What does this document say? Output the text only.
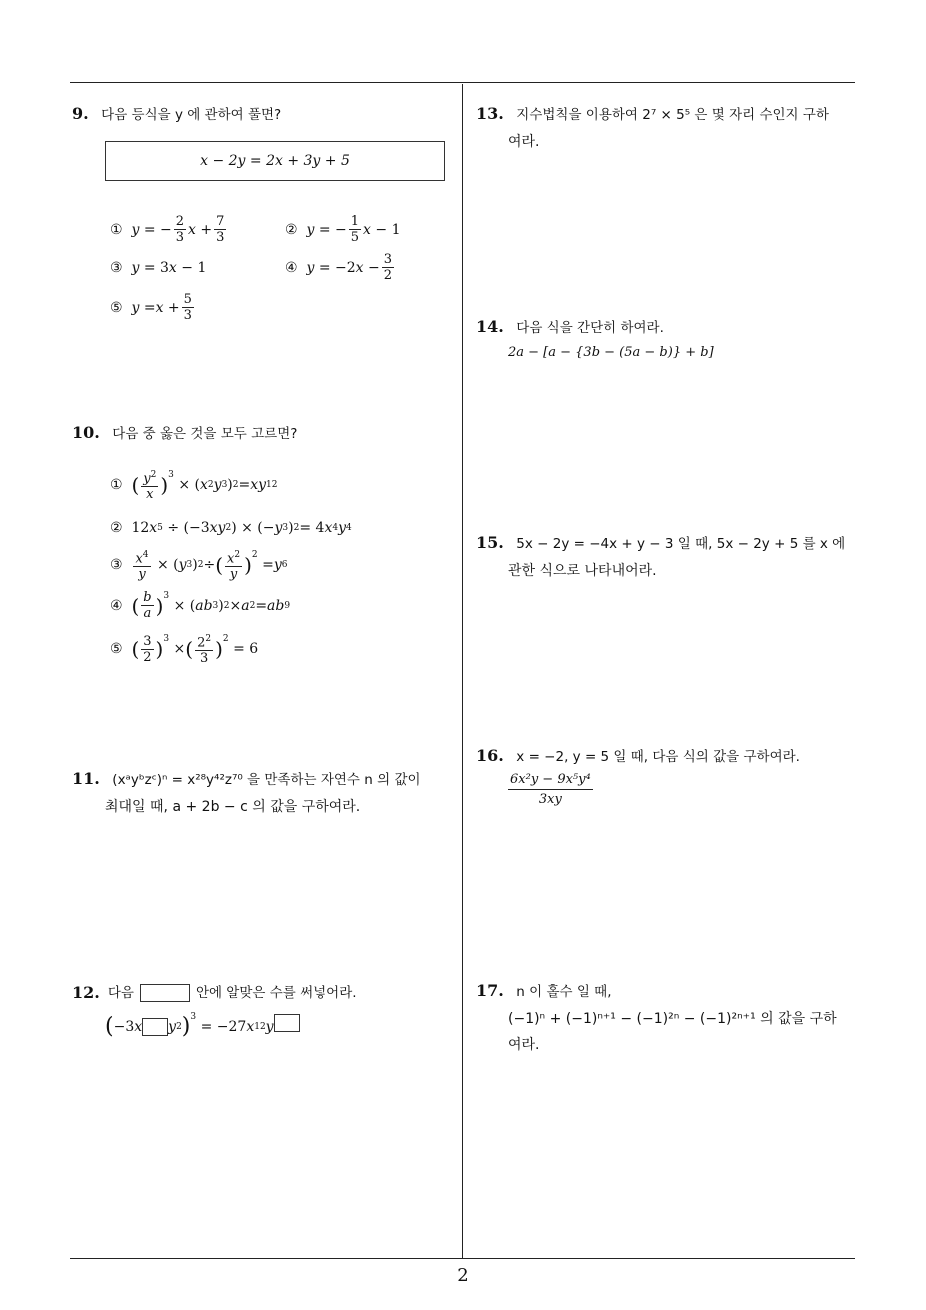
9. 다음 등식을 y 에 관하여 풀면?
x − 2y = 2x + 3y + 5
① y = − $\frac{2}{3}$ $x + \frac{7}{3}$	② y = − $\frac{1}{5}$ x − 1
③ y = 3 x − 1	④ y = −2 $x - \frac{3}{2}$
⑤ $y = x + \frac{5}{3}$
10. 다음 중 옳은 것을 모두 고르면?
① ( $\frac{y^2}{x} )^3$
× ( x 2 y 3 ) 2 = xy 12
②  12 x 5 ÷ (−3 xy 2 ) × (− y 3 ) 2 = 4 x 4 y 4
③ $\frac{x^4}{y}$ × ( y 3 ) 2 ÷ ( $\frac{x^2}{y} )^2$
= y 6
④ ( $\frac{b}{a} )^3$
× ( ab 3 ) 2 × a 2 = ab 9
⑤ ( $\frac{3}{2} )^3$
× ( $\frac{2^2}{3} )^2$
= 6
11. (xᵃyᵇzᶜ)ⁿ = x²⁸y⁴²z⁷⁰ 을 만족하는 자연수 n 의 값이
최대일 때, a + 2b − c 의 값을 구하여라.
12. 다음	안에 알맞은 수를 써넣어라.
( −3 x y 2 )$^3$
= −27 x 12 y
13. 지수법칙을 이용하여 2⁷ × 5⁵ 은 몇 자리 수인지 구하
여라.
14. 다음 식을 간단히 하여라.
2a − [a − {3b − (5a − b)} + b]
15. 5x − 2y = −4x + y − 3 일 때, 5x − 2y + 5 를 x 에
관한 식으로 나타내어라.
16. x = −2, y = 5 일 때, 다음 식의 값을 구하여라.
$\frac{\text{6x²y − 9x⁵y⁴}}{3xy}$
17. n 이 홀수 일 때,
(−1)ⁿ + (−1)ⁿ⁺¹ − (−1)²ⁿ − (−1)²ⁿ⁺¹ 의 값을 구하
여라.
2
